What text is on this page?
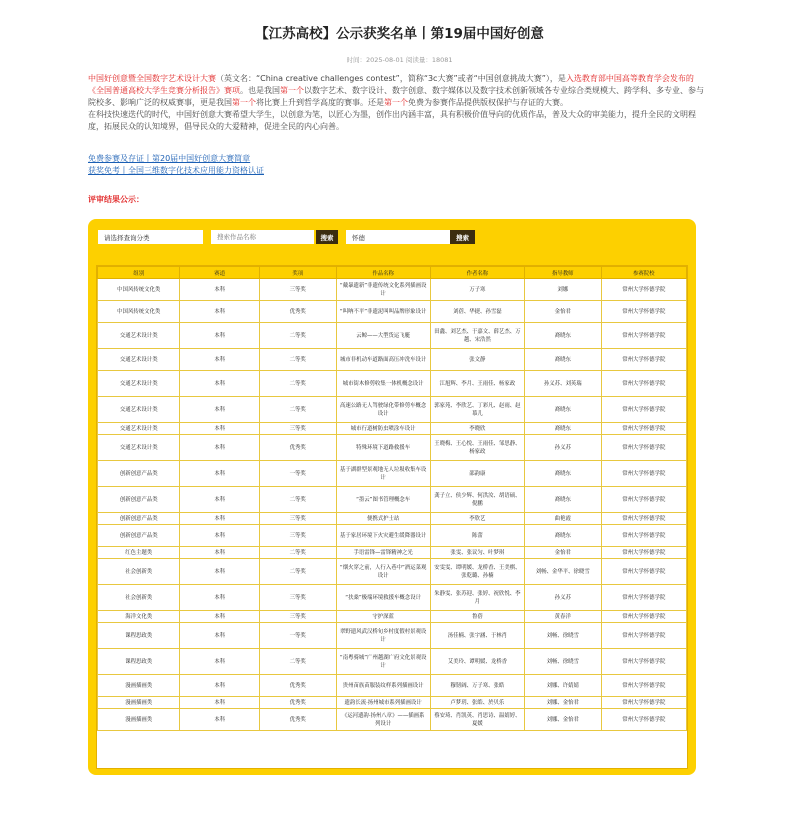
【江苏高校】公示获奖名单丨第19届中国好创意
时间：2025-08-01 阅读量：18081

中国好创意暨全国数字艺术设计大赛（英文名：“China creative challenges contest”，简称“3c大赛”或者“中国创意挑战大赛”），是入选教育部中国高等教育学会发布的《全国普通高校大学生竞赛分析报告》赛项。也是我国第一个以数字艺术、数字设计、数字创意、数字媒体以及数字技术创新领域各专业综合类规模大、跨学科、多专业、参与院校多、影响广泛的权威赛事，更是我国第一个将比赛上升到哲学高度的赛事。还是第一个免费为参赛作品提供版权保护与存证的大赛。

在科技快速迭代的时代，中国好创意大赛希望大学生，以创意为笔，以匠心为墨，创作出内涵丰富，具有积极价值导向的优质作品，普及大众的审美能力，提升全民的文明程度，拓展民众的认知境界，倡导民众的大爱精神，促进全民的内心向善。

免费参赛及存证丨第20届中国好创意大赛简章
获奖免考丨全国三维数字化技术应用能力资格认证
评审结果公示：
请选择查询分类
搜索作品名称	搜索	怀德	搜索
组别	赛道	奖项	作品名称	作者名称	指导教师	参赛院校
中国风传统文化类	本科	三等奖	“戴暴遗新”非遗传统文化系列插画设计	万子寒	刘娜	常州大学怀德学院
中国风传统文化类	本科	优秀奖	“叫呐不平”非遗泥叫叫品牌形象设计	刘蓓、华捷、孙雪磊	金怡君	常州大学怀德学院
交通艺术设计类	本科	二等奖	云鲸——大型货运飞艇	田鑫、刘艺杰、于嘉文、薛艺杰、万越、宋浩然	裔晓东	常州大学怀德学院
交通艺术设计类	本科	二等奖	城市非机动车道路面高压冲洗车设计	张文静	裔晓东	常州大学怀德学院
交通艺术设计类	本科	二等奖	城市街木修剪收集一体机概念设计	江旭辉、李月、王雨佳、杨家政	孙义苏、刘英瑞	常州大学怀德学院
交通艺术设计类	本科	二等奖	高速公路无人驾驶绿化带修剪车概念设计	郭家苑、李欣艺、丁彩凡、赵雨、赵慕儿	裔晓东	常州大学怀德学院
交通艺术设计类	本科	三等奖	城市行道树防虫喷涂车设计	李晓欣	裔晓东	常州大学怀德学院
交通艺术设计类	本科	优秀奖	特殊环境下道路救援车	王晓梅、王心悦、王雨佳、邹思静、杨家政	孙义苏	常州大学怀德学院
创新创意产品类	本科	一等奖	基于湖群型景观地无人垃圾收集车设计	邵韵康	裔晓东	常州大学怀德学院
创新创意产品类	本科	二等奖	“墨云”图书管理概念车	龚子立、侯少辉、何洪汝、胡语硕、倪鹏	裔晓东	常州大学怀德学院
创新创意产品类	本科	三等奖	便携式护士站	李欣艺	曲艳霞	常州大学怀德学院
创新创意产品类	本科	三等奖	基于家居环境下火灾避生缓降器设计	陈蕾	裔晓东	常州大学怀德学院
红色主题类	本科	二等奖	手语雷锋—雷锋精神之光	张雯、张议匀、叶梦琪	金怡君	常州大学怀德学院
社会创新类	本科	二等奖	“烟火穿之前，人行入巷中”酒运菜观设计	安雯雯、谭明媛、龙桥香、王美棋、张乾璐、孙楠	刘畅、金华平、徐晓雪	常州大学怀德学院
社会创新类	本科	三等奖	“扶桑”极端环境救援车概念设计	朱静雯、张苏迎、张婷、祝欣悦、李月	孙义苏	常州大学怀德学院
海洋文化类	本科	三等奖	守护深蓝	鲁蓓	黄春洋	常州大学怀德学院
课程思政类	本科	一等奖	翠野遗风武汉桥旬乡村度假村景观设计	汤佳楠、张宇涵、于林肖	刘畅、徐晓雪	常州大学怀德学院
课程思政类	本科	二等奖	“南粤骑城”广州越湖广府文化景观设计	艾美玲、谭明媛、龙桥香	刘畅、徐晓雪	常州大学怀德学院
漫画插画类	本科	优秀奖	贵州苗族苗服装纹样系列插画设计	穆韧阔、万子寒、张皓	刘娜、许婧婧	常州大学怀德学院
漫画插画类	本科	优秀奖	遗韵长流·扬州城市系列插画设计	卢梦玥、张皓、於贝乐	刘娜、金怡君	常州大学怀德学院
漫画插画类	本科	优秀奖	《运河遗韵·扬州八章》——插画系列设计	蔡安琦、肖凯英、肖思诗、温婧婷、夏媛	刘娜、金怡君	常州大学怀德学院
